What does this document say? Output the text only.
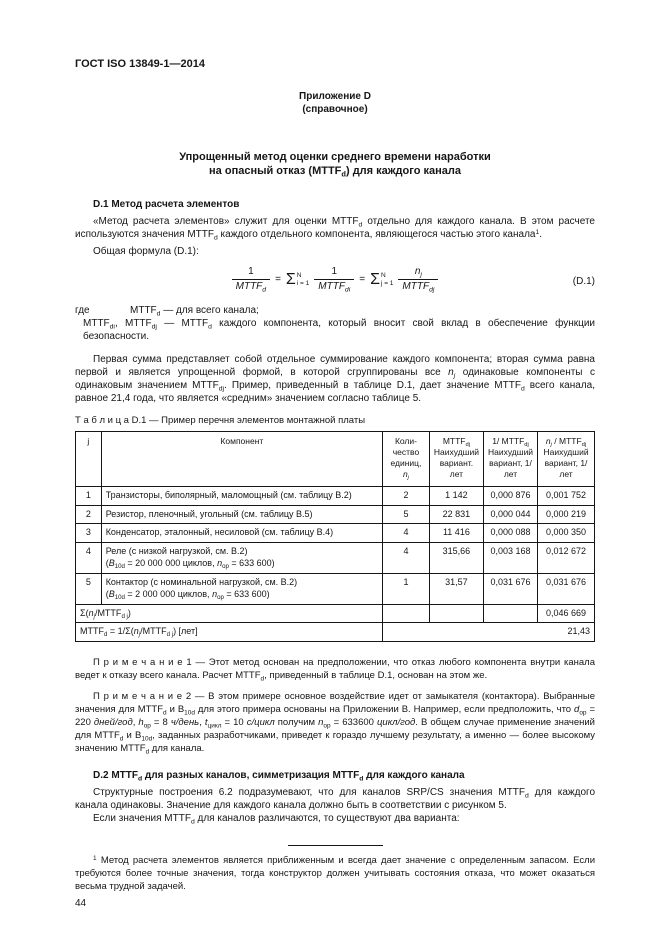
ГОСТ ISO 13849-1—2014
Приложение D
(справочное)
Упрощенный метод оценки среднего времени наработки
на опасный отказ $(MTTF_d)$ для каждого канала
D.1 Метод расчета элементов

«Метод расчета элементов» служит для оценки $MTTF_d$ отдельно для каждого канала. В этом расчете используются значения $MTTF_d$ каждого отдельного компонента, являющегося частью этого канала$^1$.

Общая формула (D.1):

$\frac{1}{MTTF_d} = \Sigma$ N
$i = 1 \frac{1}{MTTF_{di}} = \Sigma$ N
$j = 1 \frac{n_j}{MTTF_{dj}}$	(D.1)
где	$MTTF_d$ — для всего канала;
$MTTF_{di}$, $MTTF_{dj}$ — $MTTF_d$ каждого компонента, который вносит свой вклад в обеспечение функции безопасности.

Первая сумма представляет собой отдельное суммирование каждого компонента; вторая сумма равна первой и является упрощенной формой, в которой сгруппированы все $n_j$ одинаковые компоненты с одинаковым значением $MTTF_{dj}$. Пример, приведенный в таблице D.1, дает значение $MTTF_d$ всего канала, равное 21,4 года, что является «средним» значением согласно таблице 5.

Т а б л и ц а D.1 — Пример перечня элементов монтажной платы
j	Компонент	Коли-чество единиц, $n_j$	$MTTF_{dj}$ Наихудший вариант. лет	1/ $MTTF_{dj}$ Наихудший вариант, 1/лет	$n_j$ / $MTTF_{dj}$ Наихудший вариант, 1/лет
1	Транзисторы, биполярный, маломощный (см. таблицу B.2)	2	1 142	0,000 876	0,001 752
2	Резистор, пленочный, угольный (см. таблицу B.5)	5	22 831	0,000 044	0,000 219
3	Конденсатор, эталонный, несиловой (см. таблицу B.4)	4	11 416	0,000 088	0,000 350
4	Реле (с низкой нагрузкой, см. B.2)
($B_{10d} = 20$ 000 000 циклов, $n_{op} = 633$ 600)	4	315,66	0,003 168	0,012 672
5	Контактор (с номинальной нагрузкой, см. B.2)
($B_{10d} = 2$ 000 000 циклов, $n_{op} = 633$ 600)	1	31,57	0,031 676	0,031 676
$\Sigma(n_j/MTTF_{d j})$					0,046 669
$MTTF_d$ = $1/\Sigma(n_j/MTTF_{d j})$ [лет]		21,43			

П р и м е ч а н и е 1 — Этот метод основан на предположении, что отказ любого компонента внутри канала ведет к отказу всего канала. Расчет $MTTF_d$, приведенный в таблице D.1, основан на этом же.

П р и м е ч а н и е 2 — В этом примере основное воздействие идет от замыкателя (контактора). Выбранные значения для $MTTF_d$ и $B_{10d}$ для этого примера основаны на Приложении B. Например, если предположить, что $d_{op} = 220$ дней/год, $h_{op} = 8$ ч/день, $t_{цикл} = 10$ с/цикл получим $n_{op} = 633600$ цикл/год. В общем случае применение значений для $MTTF_d$ и $B_{10d}$, заданных разработчиками, приведет к гораздо лучшему результату, а именно — более высокому значению $MTTF_d$ для канала.

D.2 $MTTF_d$ для разных каналов, симметризация $MTTF_d$ для каждого канала

Структурные построения 6.2 подразумевают, что для каналов SRP/CS значения $MTTF_d$ для каждого канала одинаковы. Значение для каждого канала должно быть в соответствии с рисунком 5.

Если значения $MTTF_d$ для каналов различаются, то существуют два варианта:

$^1$ Метод расчета элементов является приближенным и всегда дает значение с определенным запасом. Если требуются более точные значения, тогда конструктор должен учитывать состояния отказа, что может оказаться весьма трудной задачей.

44
